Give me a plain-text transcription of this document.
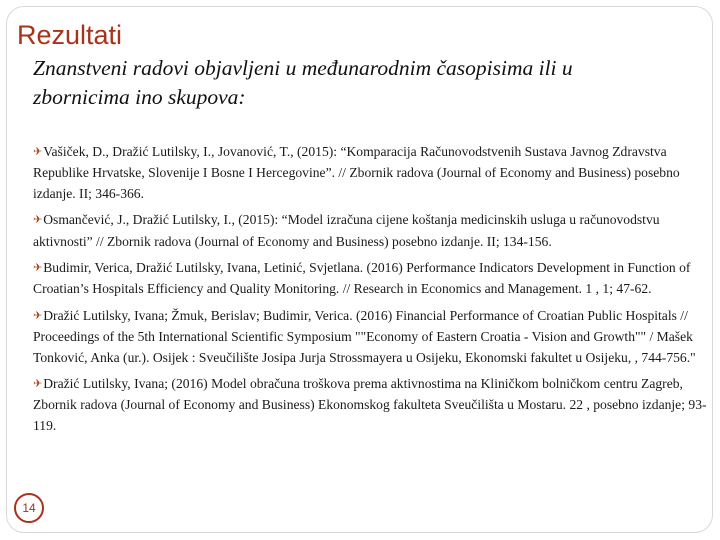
Rezultati
Znanstveni radovi objavljeni u međunarodnim časopisima ili u zbornicima ino skupova:
✈Vašiček, D., Dražić Lutilsky, I., Jovanović, T., (2015): “Komparacija Računovodstvenih Sustava Javnog Zdravstva Republike Hrvatske, Slovenije I Bosne I Hercegovine”. // Zbornik radova (Journal of Economy and Business) posebno izdanje. II; 346-366.
✈Osmančević, J., Dražić Lutilsky, I., (2015): “Model izračuna cijene koštanja medicinskih usluga u računovodstvu aktivnosti” // Zbornik radova (Journal of Economy and Business) posebno izdanje. II; 134-156.
✈Budimir, Verica, Dražić Lutilsky, Ivana, Letinić, Svjetlana. (2016) Performance Indicators Development in Function of Croatian’s Hospitals Efficiency and Quality Monitoring. // Research in Economics and Management. 1 , 1; 47-62.
✈Dražić Lutilsky, Ivana; Žmuk, Berislav; Budimir, Verica. (2016) Financial Performance of Croatian Public Hospitals // Proceedings of the 5th International Scientific Symposium ""Economy of Eastern Croatia - Vision and Growth"" / Mašek Tonković, Anka (ur.). Osijek : Sveučilište Josipa Jurja Strossmayera u Osijeku, Ekonomski fakultet u Osijeku, , 744-756."
✈Dražić Lutilsky, Ivana; (2016) Model obračuna troškova prema aktivnostima na Kliničkom bolničkom centru Zagreb, Zbornik radova (Journal of Economy and Business) Ekonomskog fakulteta Sveučilišta u Mostaru. 22 , posebno izdanje; 93-119.
14
